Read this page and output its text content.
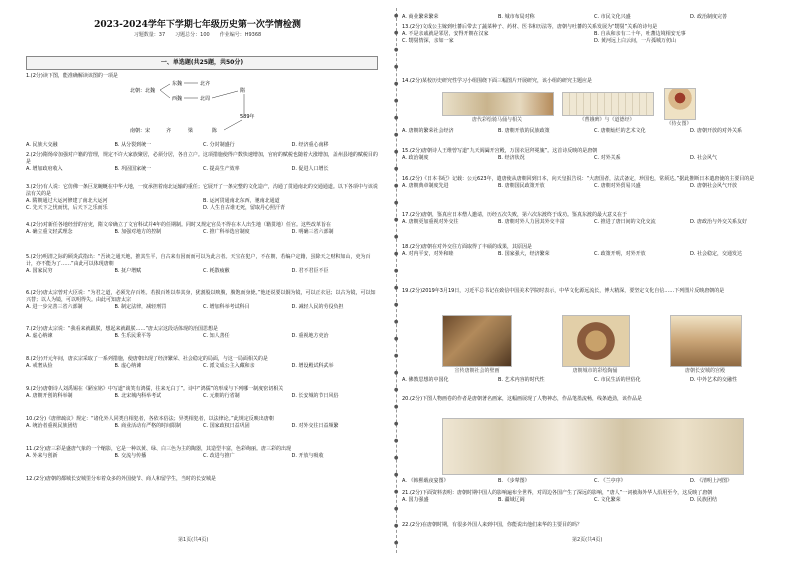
2023-2024学年下学期七年级历史第一次学情检测
习题数量：37　　习题总分：100　　作业编号：H9368
一、单选题(共25题，共50分)
1.(2分)读下图，能准确解读该图的一项是
北朝：北魏
东魏	北齐
西魏	北周
隋
南朝：宋	齐	梁	陈
589年
A. 民族大交融	B. 从分裂到统一	C. 分封制盛行	D. 经济重心南移
2.(2分)隋炀帝加强对户籍的管理，规定不许大家族聚居，必须分居，各自立户。这项措施使得户数快速增加，官府的赋税也随着大涨增加，盖州县地的赋税目的是
A. 增加政府收入	B. 巩固国家统一	C. 提高生产效率	D. 促进人口增长
3.(2分)有人说：它仿佛一条巨龙蜿蜒在中华大地，一度承担着南北运输的重任；它展开了一条完整的文化造产，沟通了贯通南北的交通通道。以下各项中与该说法有关的是
A. 隋朝通过大运河修建了南北大运河	B. 运河贯通南北东西，驰南北通道
C. 先天下之忧而忧，后天下之乐而乐	D. 人生自古谁无死，留取丹心照汗青
4.(2分)对新任各地经营的官吏，隋文帝确立了文官科试并4年的任期制。同时又规定官员不得在本人出生地（籍贯地）任官。这些改革旨在
A. 确立重文轻武理念	B. 加强对地方的控制	C. 推广科举选官制度	D. 明确三省六部制
5.(2分)明清之际的顾炎武指出：“吾读之通天地，推其生平，自古来有因而而可以为此言者。天宝在犯户，不在朝，若编户定籍，虽除天之财积如山，吏为百计，亦不能为了……”由此可以体现唐朝
A. 国家民穷	B. 抚户增赋	C. 耗散疲敝	D. 君不君臣不臣
6.(2分)唐太宗曾对大臣说：“为君之道，必须先存百姓。若损百姓以奉其身，犹割股以啖腹，腹饱而身毙。”他还说要以铜为镜，可以正衣冠；以古为镜，可以知兴替；以人为镜，可以明得失。由此可知唐太宗
A. 进一步完善三省六部制	B. 制定法律，减轻刑罚	C. 增加科举考试科目	D. 减轻人民的劳役负担
7.(2分)唐太宗说：“我看来就跟朕，想起来就跟朕……”唐太宗这段话体现的治国思想是
A. 虚心纳谏	B. 生乐民秉平等	C. 知人善任	D. 重视地方吏治
8.(2分)开元年间，唐玄宗采取了一系列措施，使唐朝出现了经济繁荣、社会稳定的局面，与这一局面相关的是
A. 戒奢从俭	B. 虚心纳谏	C. 派文成公主入藏和亲	D. 增设殿试科武举
9.(2分)唐朝诗人刘禹锡在《陋室铭》中写道“谈笑有鸿儒，往来无白丁”。诗中“鸿儒”的形成与下列哪一制度密切相关
A. 唐朝开创的科举制	B. 北宋城内科举考试	C. 元朝的行省制	D. 长安城的节日风俗
10.(2分)《唐律疏议》规定：“诸化外人同类自相犯者，各依本俗法；异类相犯者，以法律论。”此规定反映出唐朝
A. 统治者重视民族团结	B. 商业活动有严格的时间限制	C. 国家政权日益巩固	D. 对外交往日益频繁
11.(2分)唐三彩是盛唐气象的一个缩影，它是一种以黄、绿、白三色为主的陶器，其造型丰富，色彩绚丽。唐三彩的出现
A. 外来与创新	B. 交流与传播	C. 改进与推广	D. 开放与吸收
12.(2分)唐朝的都城长安城里分布着众多的外国使节、商人和留学生，当时的长安城是
第1页(共4页)
●
●
●
●
●
●
●
●
●
●
●
●
●
●
●
●
●
●
●
●
●
●
●
●
●
●
●
●
●
●
●
●
A. 商业繁荣繁荣	B. 城市布局对称	C. 市民文化兴盛	D. 政治制度完善
13.(2分)文成公主嫁到吐蕃后带去了蔬菜种子、药材、医书和历法等，唐朝与吐蕃的关系发展为“甥舅”关系的诗句是
A. 不是亲戚就是邻居，安得开朝在汉家	B. 自从和亲有二十年，吐蕃边境相安无事
C. 甥舅情深，亲如一家	D. 黄河远上白云间，一片孤城万仞山
14.(2分)某校历史研究性学习小组围绕下面三幅图片开展研究，该小组的研究主题应是
唐代彩绘骑马俑与相关	《曹娥碑》与《道德经》
《侍女图》
A. 唐朝的繁荣社会经济	B. 唐朝开放的民族政策	C. 唐朝灿烂的艺术文化	D. 唐朝开放的对外关系
15.(2分)唐朝诗人王维曾写道“九天阊阖开宫殿，万国衣冠拜冕旒”。这首诗反映的是唐朝
A. 政治制度	B. 经济状况	C. 对外关系	D. 社会风气
16.(2分)《日本书纪》记载：公元623年，遣唐使从唐朝回到日本，向天皇报告说：“大唐国者，法式备定，珍国也，常须达。”据此推断日本遣唐使的主要目的是
A. 唐朝典章制度先进	B. 唐朝国民政策开放	C. 唐朝对外贸易兴盛	D. 唐朝社会风气开放
17.(2分)唐朝，鉴真应日本僧人邀请，历经五次失败，第六次东渡终于成功。鉴真东渡的最大意义在于
A. 唐朝更加重视对外交往	B. 唐朝对外人力因其外交丰富	C. 推进了唐日间的文化交流	D. 唐政治与外交关系友好
18.(2分)唐朝在对外交往方面取得了丰硕的成果，其原因是
A. 对内平安，对外和睦	B. 国家强大，经济繁荣	C. 政策开明，对外开放	D. 社会稳定，交通发达
19.(2分)2019年3月19日，习近平总书记在致信中国美术学院时表示，中华文化源远流长，博大精深，要坚定文化自信……下列图片反映唐朝的是
宣传唐朝社会的壁画	唐朝城市的彩绘陶俑	唐朝长安城的宫殿
A. 佛教思想的中国化	B. 艺术内容的时代性	C. 市民生活的世俗化	D. 中外艺术的交融性
20.(2分)下图人物画卷的作者是唐朝著名画家，这幅画展现了人物神态，作品笔墨流畅，线条遒劲，该作品是
A. 《韩熙载夜宴图》	B. 《步辇图》	C. 《兰亭序》	D. 《清明上河图》
21.(2分)下面资料表明：唐朝时期中国人的影响遍布全世界，对周边各国产生了深远的影响，“唐人”一词被海外华人沿用至今，这反映了唐朝
A. 国力强盛	B. 疆域辽阔	C. 文化繁荣	D. 民族团结
22.(2分)在唐朝时期，有很多外国人来到中国，你能说出他们来华的主要目的吗？
第2页(共4页)
